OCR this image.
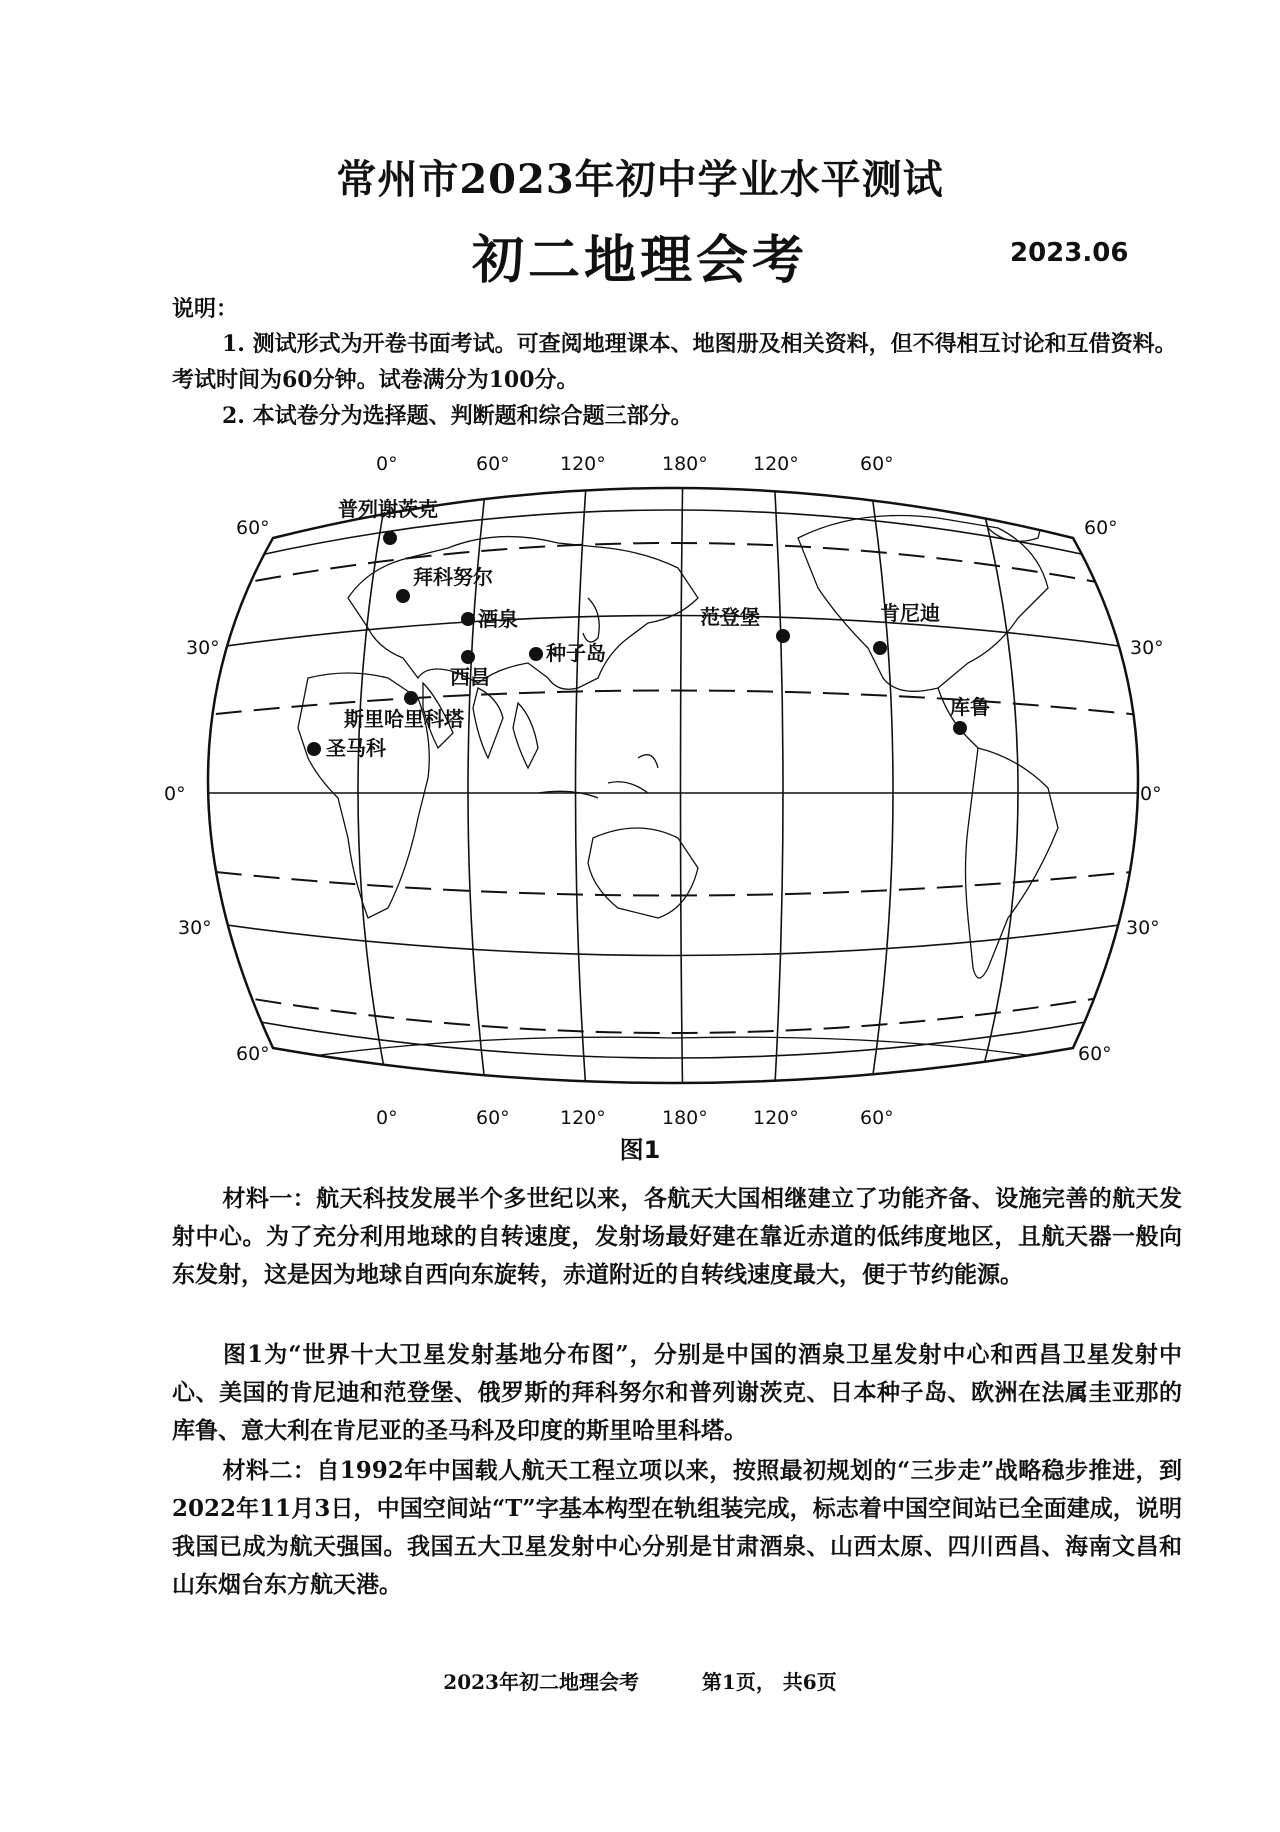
常州市2023年初中学业水平测试
初二地理会考	2023.06
说明：
1. 测试形式为开卷书面考试。可查阅地理课本、地图册及相关资料，但不得相互讨论和互借资料。考试时间为60分钟。试卷满分为100分。
2. 本试卷分为选择题、判断题和综合题三部分。
0°	60°	120°	180° 120°	60°
0°	60°	120°	180° 120°	60°
60°
30°
0°
30°
60°
60°
30°
0°
30°
60°
普列谢茨克
拜科努尔
酒泉
种子岛
西昌
斯里哈里科塔
圣马科
范登堡	肯尼迪
库鲁
图1
材料一：航天科技发展半个多世纪以来，各航天大国相继建立了功能齐备、设施完善的航天发射中心。为了充分利用地球的自转速度，发射场最好建在靠近赤道的低纬度地区，且航天器一般向东发射，这是因为地球自西向东旋转，赤道附近的自转线速度最大，便于节约能源。
图1为“世界十大卫星发射基地分布图”，分别是中国的酒泉卫星发射中心和西昌卫星发射中心、美国的肯尼迪和范登堡、俄罗斯的拜科努尔和普列谢茨克、日本种子岛、欧洲在法属圭亚那的库鲁、意大利在肯尼亚的圣马科及印度的斯里哈里科塔。
材料二：自1992年中国载人航天工程立项以来，按照最初规划的“三步走”战略稳步推进，到2022年11月3日，中国空间站“T”字基本构型在轨组装完成，标志着中国空间站已全面建成，说明我国已成为航天强国。我国五大卫星发射中心分别是甘肃酒泉、山西太原、四川西昌、海南文昌和山东烟台东方航天港。
2023年初二地理会考	第1页， 共6页
